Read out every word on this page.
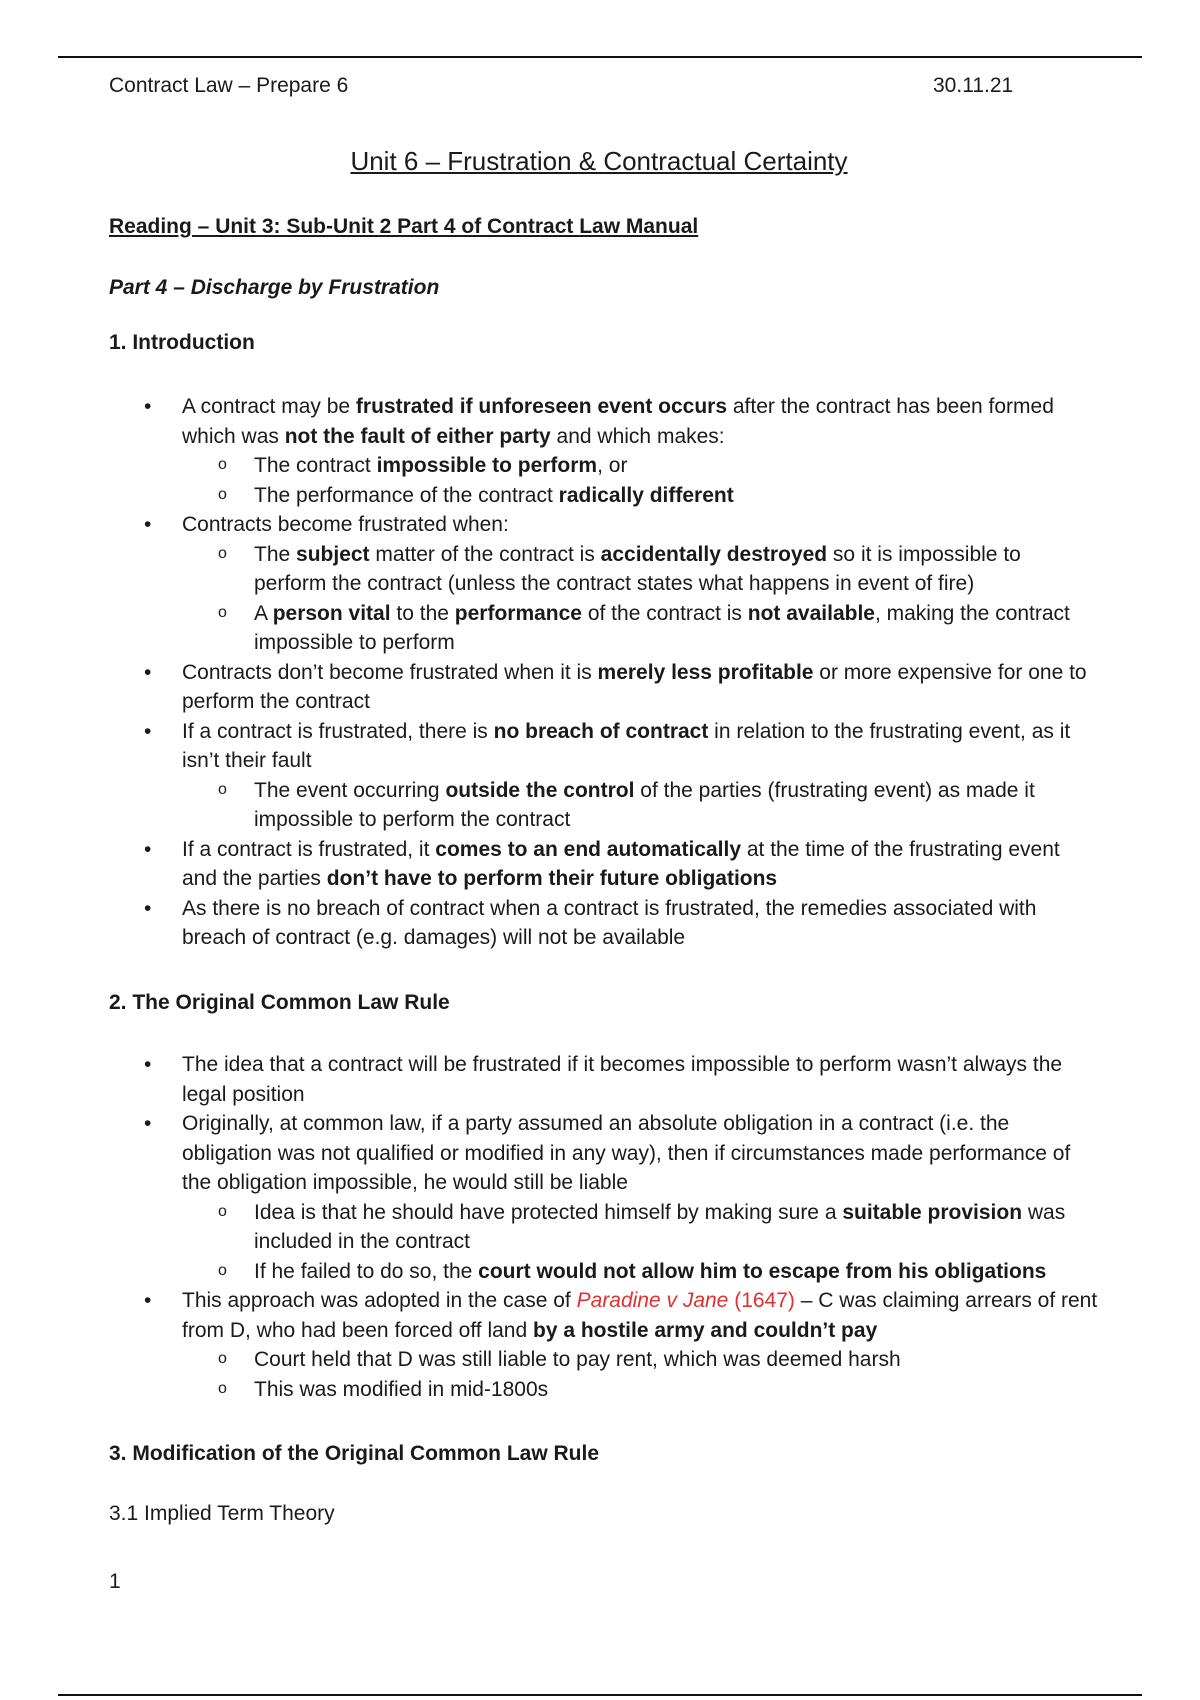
Contract Law – Prepare 6	30.11.21
Unit 6 – Frustration & Contractual Certainty
Reading – Unit 3: Sub-Unit 2 Part 4 of Contract Law Manual
Part 4 – Discharge by Frustration
1. Introduction
• A contract may be frustrated if unforeseen event occurs after the contract has been formed which was not the fault of either party and which makes:
o The contract impossible to perform, or
o The performance of the contract radically different
• Contracts become frustrated when:
o The subject matter of the contract is accidentally destroyed so it is impossible to perform the contract (unless the contract states what happens in event of fire)
o A person vital to the performance of the contract is not available, making the contract impossible to perform
• Contracts don’t become frustrated when it is merely less profitable or more expensive for one to perform the contract
• If a contract is frustrated, there is no breach of contract in relation to the frustrating event, as it isn’t their fault
o The event occurring outside the control of the parties (frustrating event) as made it impossible to perform the contract
• If a contract is frustrated, it comes to an end automatically at the time of the frustrating event and the parties don’t have to perform their future obligations
• As there is no breach of contract when a contract is frustrated, the remedies associated with breach of contract (e.g. damages) will not be available
2. The Original Common Law Rule
• The idea that a contract will be frustrated if it becomes impossible to perform wasn’t always the legal position
• Originally, at common law, if a party assumed an absolute obligation in a contract (i.e. the obligation was not qualified or modified in any way), then if circumstances made performance of the obligation impossible, he would still be liable
o Idea is that he should have protected himself by making sure a suitable provision was included in the contract
o If he failed to do so, the court would not allow him to escape from his obligations
• This approach was adopted in the case of Paradine v Jane (1647) – C was claiming arrears of rent from D, who had been forced off land by a hostile army and couldn’t pay
o Court held that D was still liable to pay rent, which was deemed harsh
o This was modified in mid-1800s
3. Modification of the Original Common Law Rule
3.1 Implied Term Theory
1
